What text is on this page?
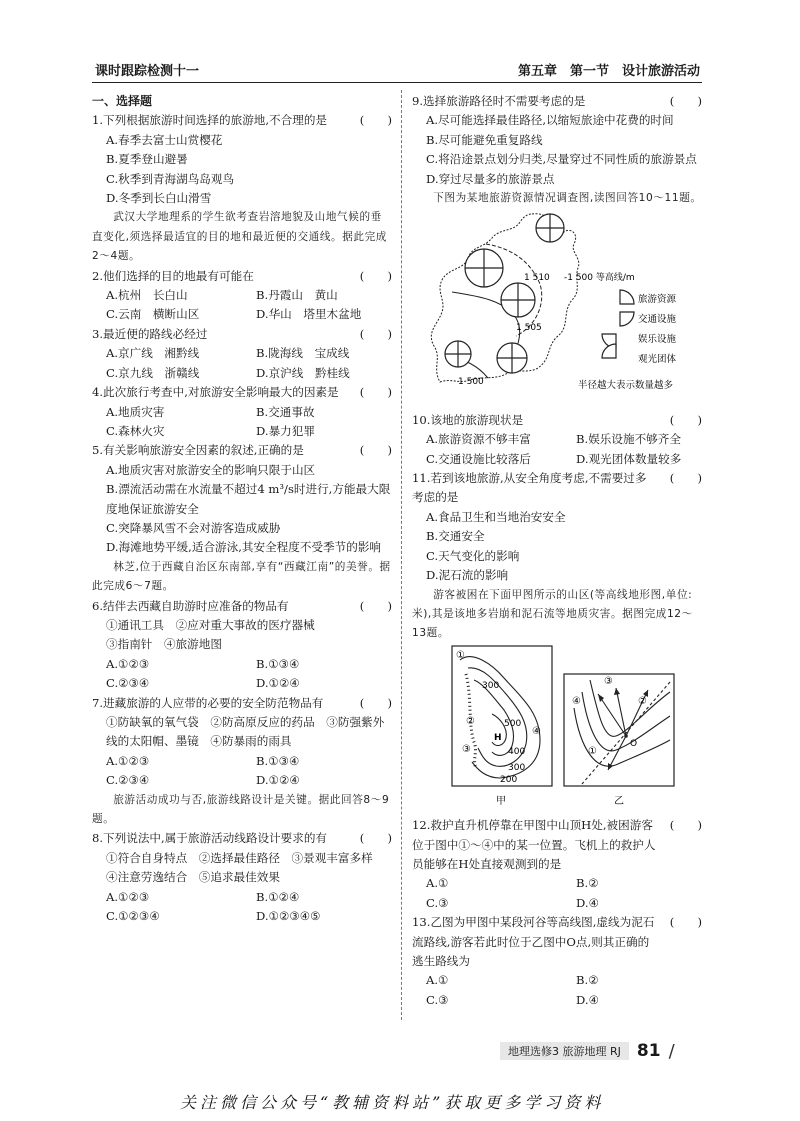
课时跟踪检测十一	第五章　第一节　设计旅游活动
一、选择题
1.下列根据旅游时间选择的旅游地,不合理的是	(　　)
A.春季去富士山赏樱花
B.夏季登山避暑
C.秋季到青海湖鸟岛观鸟
D.冬季到长白山滑雪
武汉大学地理系的学生欲考查岩溶地貌及山地气候的垂直变化,须选择最适宜的目的地和最近便的交通线。据此完成2～4题。
2.他们选择的目的地最有可能在	(　　)
A.杭州　长白山	B.丹霞山　黄山
C.云南　横断山区	D.华山　塔里木盆地
3.最近便的路线必经过	(　　)
A.京广线　湘黔线	B.陇海线　宝成线
C.京九线　浙赣线	D.京沪线　黔桂线
4.此次旅行考查中,对旅游安全影响最大的因素是	(　　)
A.地质灾害	B.交通事故
C.森林火灾	D.暴力犯罪
5.有关影响旅游安全因素的叙述,正确的是	(　　)
A.地质灾害对旅游安全的影响只限于山区
B.漂流活动需在水流量不超过4 m³/s时进行,方能最大限度地保证旅游安全
C.突降暴风雪不会对游客造成威胁
D.海滩地势平缓,适合游泳,其安全程度不受季节的影响
林芝,位于西藏自治区东南部,享有“西藏江南”的美誉。据此完成6～7题。
6.结伴去西藏自助游时应准备的物品有	(　　)
①通讯工具　②应对重大事故的医疗器械
③指南针　④旅游地图
A.①②③	B.①③④
C.②③④	D.①②④
7.进藏旅游的人应带的必要的安全防范物品有	(　　)
①防缺氧的氧气袋　②防高原反应的药品　③防强紫外线的太阳帽、墨镜　④防暴雨的雨具
A.①②③	B.①③④
C.②③④	D.①②④
旅游活动成功与否,旅游线路设计是关键。据此回答8～9题。
8.下列说法中,属于旅游活动线路设计要求的有	(　　)
①符合自身特点　②选择最佳路径　③景观丰富多样　④注意劳逸结合　⑤追求最佳效果
A.①②③	B.①②④
C.①②③④	D.①②③④⑤
9.选择旅游路径时不需要考虑的是	(　　)
A.尽可能选择最佳路径,以缩短旅途中花费的时间
B.尽可能避免重复路线
C.将沿途景点划分归类,尽量穿过不同性质的旅游景点
D.穿过尽量多的旅游景点
下图为某地旅游资源情况调查图,读图回答10～11题。
1 510 -1 500 等高线/m
1 505
1 500
旅游资源
交通设施
娱乐设施
观光团体
半径越大表示数量越多
10.该地的旅游现状是	(　　)
A.旅游资源不够丰富	B.娱乐设施不够齐全
C.交通设施比较落后	D.观光团体数量较多
11.若到该地旅游,从安全角度考虑,不需要过多考虑的是
(　　)
A.食品卫生和当地治安安全
B.交通安全
C.天气变化的影响
D.泥石流的影响
游客被困在下面甲图所示的山区(等高线地形图,单位:米),其是该地多岩崩和泥石流等地质灾害。据图完成12～13题。
①
300
500
H
400
300
200
②
③
④
甲
④
③
O
②
①
乙
12.救护直升机停靠在甲图中山顶H处,被困游客位于图中①～④中的某一位置。飞机上的救护人员能够在H处直接观测到的是
(　　)
A.①	B.②
C.③	D.④
13.乙图为甲图中某段河谷等高线图,虚线为泥石流路线,游客若此时位于乙图中O点,则其正确的逃生路线为
(　　)
A.①	B.②
C.③	D.④
地理选修3 旅游地理 RJ 81 /
关注微信公众号“教辅资料站”获取更多学习资料
